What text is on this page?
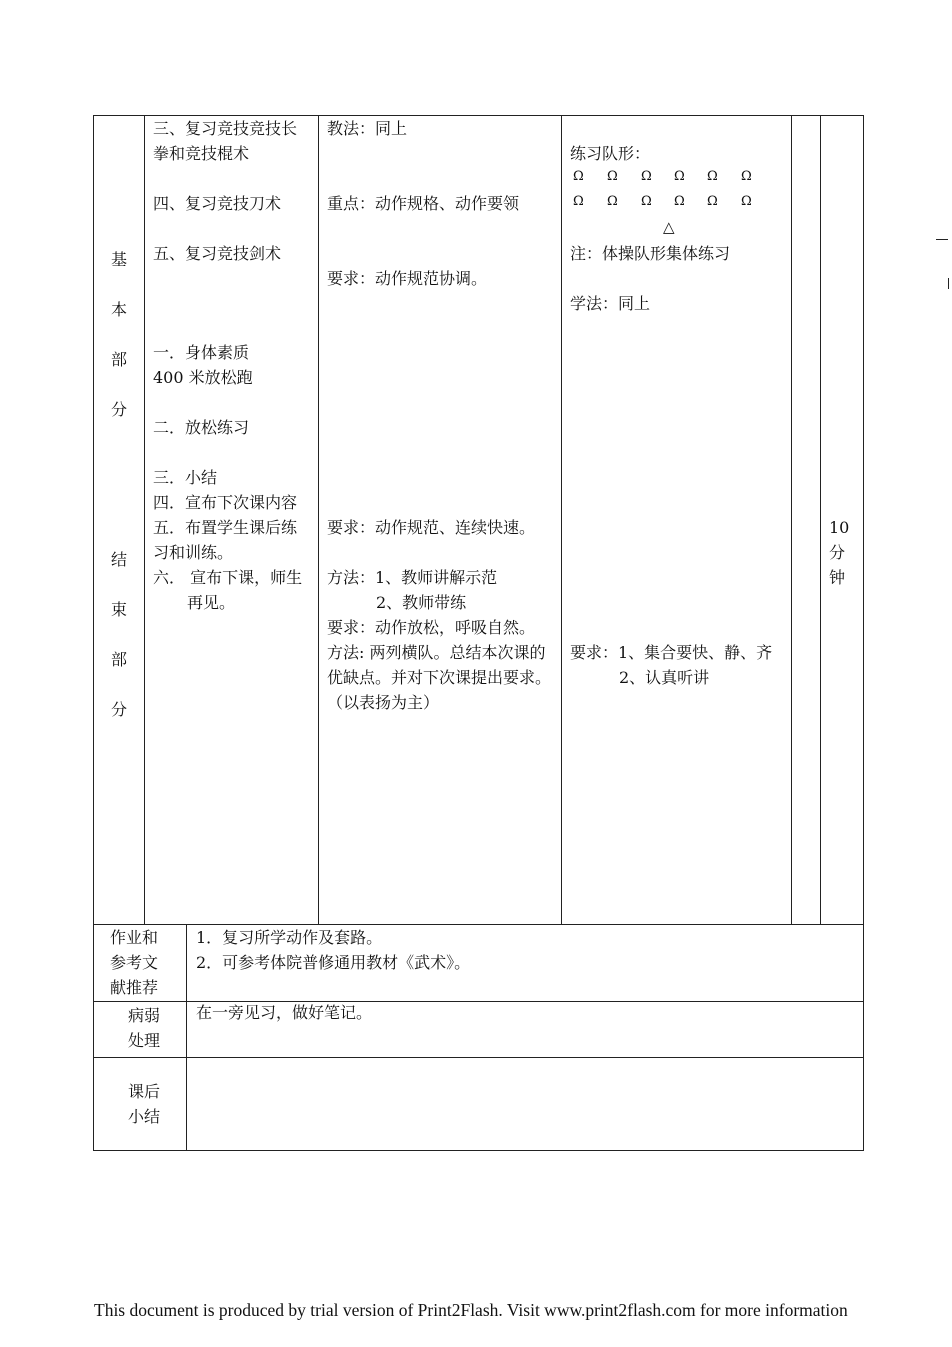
基
本
部
分
结
束
部
分
三、复习竞技竞技长
拳和竞技棍术
四、复习竞技刀术
五、复习竞技剑术
一．身体素质
400 米放松跑
二．放松练习
三．小结
四．宣布下次课内容
五．布置学生课后练
习和训练。
六． 宣布下课，师生
再见。
教法：同上
重点：动作规格、动作要领
要求：动作规范协调。
要求：动作规范、连续快速。
方法：1、教师讲解示范
2、教师带练
要求：动作放松，呼吸自然。
方法: 两列横队。总结本次课的
优缺点。并对下次课提出要求。
（以表扬为主）
练习队形：
Ω Ω Ω Ω Ω Ω
Ω Ω Ω Ω Ω Ω
△
注：体操队形集体练习
学法：同上
要求：1、集合要快、静、齐
2、认真听讲
10
分
钟
作业和
参考文
献推荐
1．复习所学动作及套路。
2．可参考体院普修通用教材《武术》。
病弱
处理
在一旁见习，做好笔记。
课后
小结
This document is produced by trial version of Print2Flash. Visit www.print2flash.com for more information
